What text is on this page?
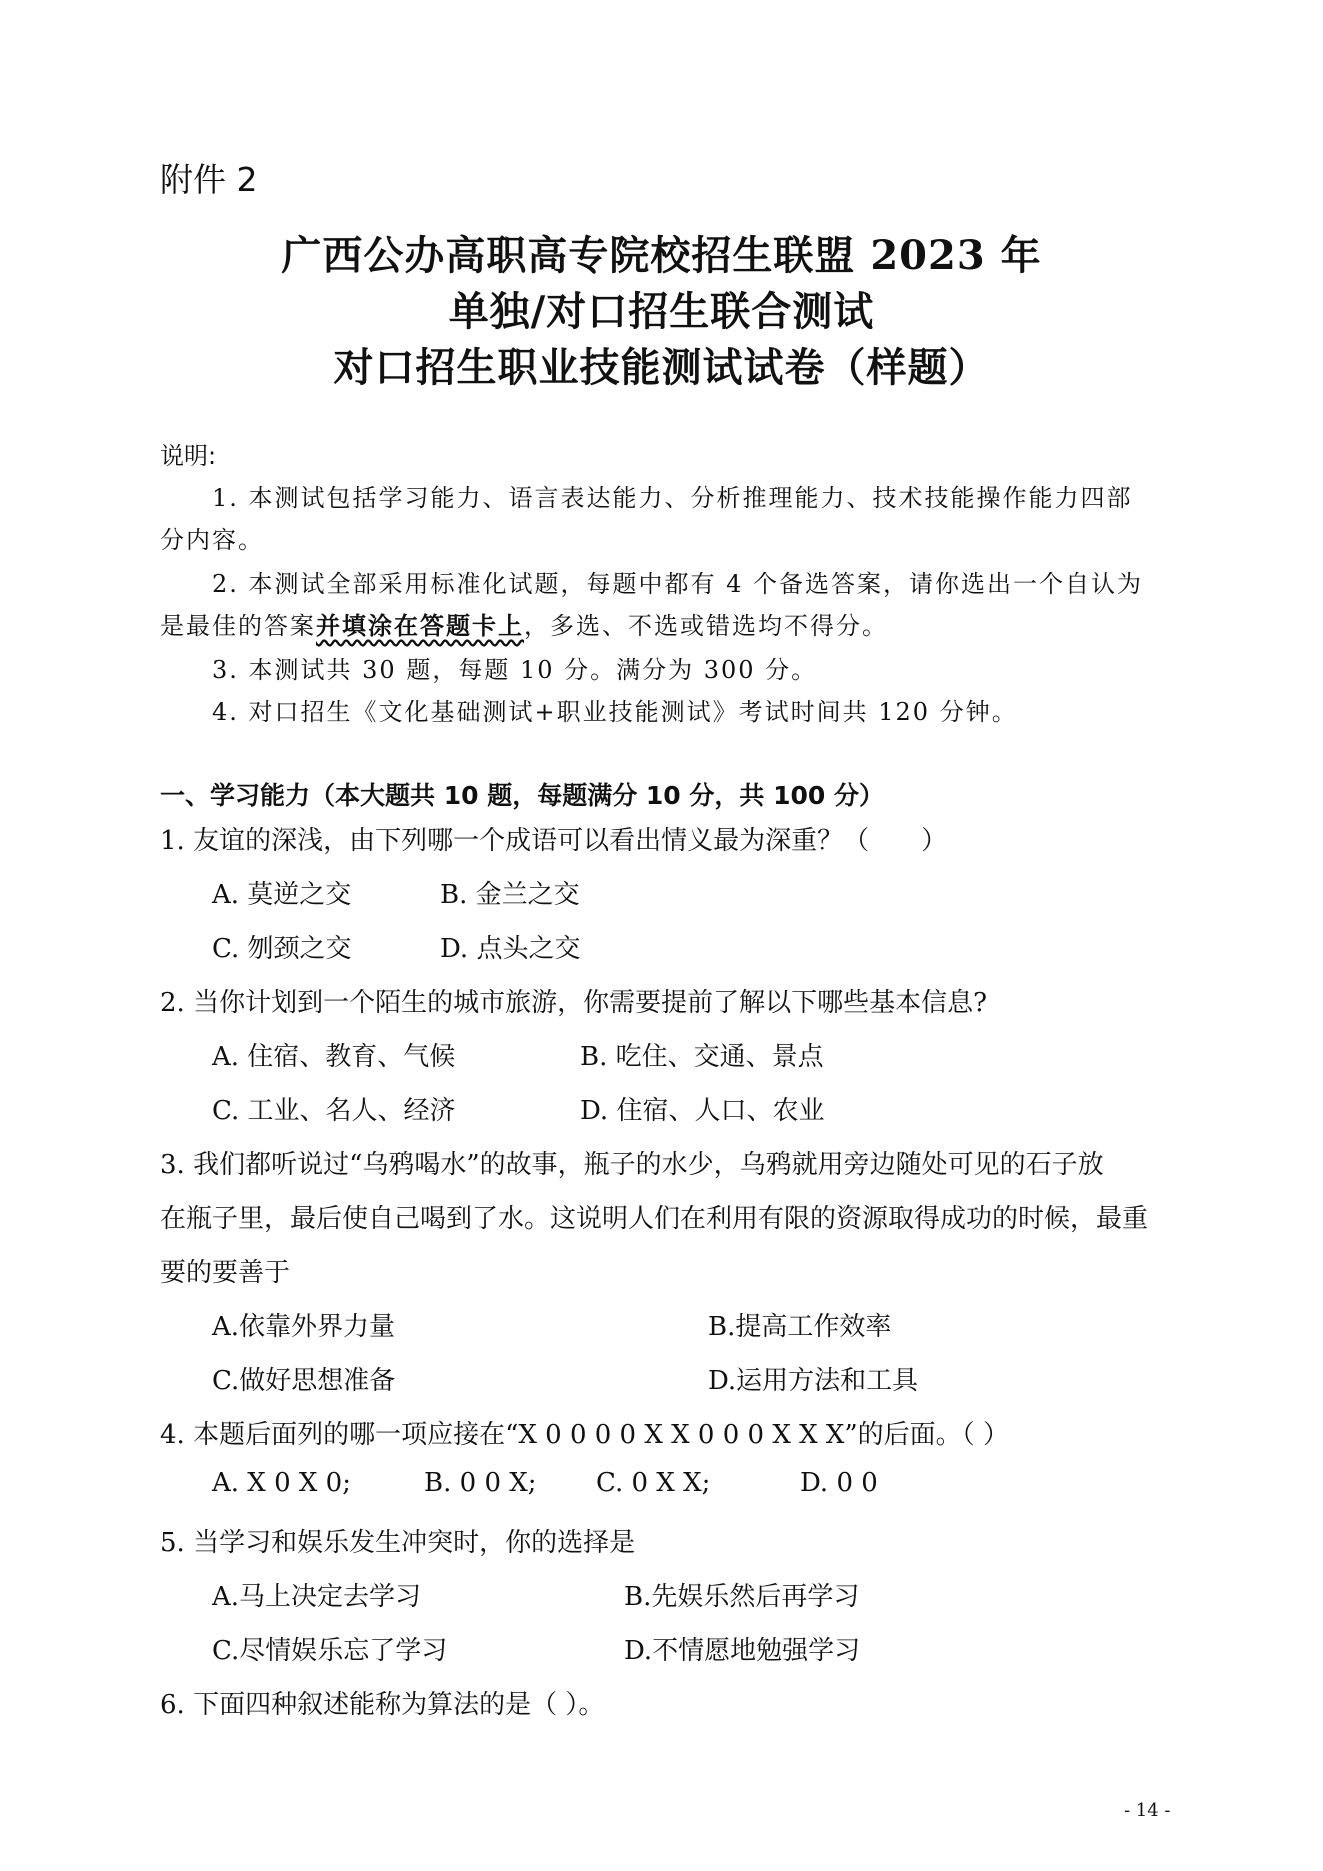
附件 2
广西公办高职高专院校招生联盟 2023 年
单独/对口招生联合测试
对口招生职业技能测试试卷（样题）
说明:
1. 本测试包括学习能力、语言表达能力、分析推理能力、技术技能操作能力四部
分内容。
2. 本测试全部采用标准化试题，每题中都有 4 个备选答案，请你选出一个自认为
是最佳的答案并填涂在答题卡上，多选、不选或错选均不得分。
3. 本测试共 30 题，每题 10 分。满分为 300 分。
4. 对口招生《文化基础测试+职业技能测试》考试时间共 120 分钟。
一、学习能力（本大题共 10 题，每题满分 10 分，共 100 分）
1. 友谊的深浅，由下列哪一个成语可以看出情义最为深重？（　　）
A. 莫逆之交	B. 金兰之交
C. 刎颈之交	D. 点头之交
2. 当你计划到一个陌生的城市旅游，你需要提前了解以下哪些基本信息?
A. 住宿、教育、气候	B. 吃住、交通、景点
C. 工业、名人、经济	D. 住宿、人口、农业
3. 我们都听说过“乌鸦喝水”的故事，瓶子的水少，乌鸦就用旁边随处可见的石子放
在瓶子里，最后使自己喝到了水。这说明人们在利用有限的资源取得成功的时候，最重
要的要善于
A.依靠外界力量	B.提高工作效率
C.做好思想准备	D.运用方法和工具
4. 本题后面列的哪一项应接在“X 0 0 0 0 X X 0 0 0 X X X”的后面。（ ）
A. X 0 X 0;	B. 0 0 X; C. 0 X X;	D. 0 0
5. 当学习和娱乐发生冲突时，你的选择是
A.马上决定去学习	B.先娱乐然后再学习
C.尽情娱乐忘了学习	D.不情愿地勉强学习
6. 下面四种叙述能称为算法的是（ ）。
- 14 -
